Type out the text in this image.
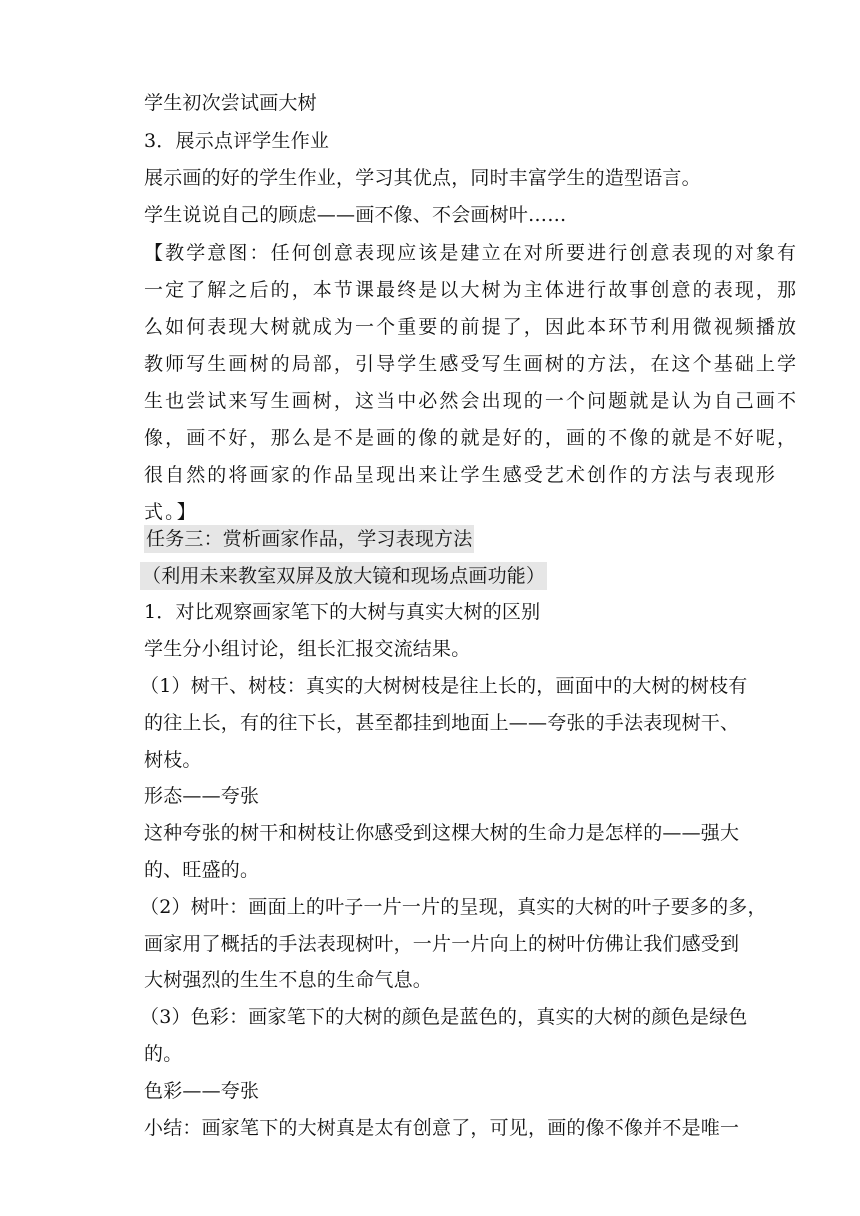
学生初次尝试画大树
3．展示点评学生作业
展示画的好的学生作业，学习其优点，同时丰富学生的造型语言。
学生说说自己的顾虑——画不像、不会画树叶……
【教学意图：任何创意表现应该是建立在对所要进行创意表现的对象有
一定了解之后的，本节课最终是以大树为主体进行故事创意的表现，那
么如何表现大树就成为一个重要的前提了，因此本环节利用微视频播放
教师写生画树的局部，引导学生感受写生画树的方法，在这个基础上学
生也尝试来写生画树，这当中必然会出现的一个问题就是认为自己画不
像，画不好，那么是不是画的像的就是好的，画的不像的就是不好呢，
很自然的将画家的作品呈现出来让学生感受艺术创作的方法与表现形
式。】
任务三：赏析画家作品，学习表现方法
（利用未来教室双屏及放大镜和现场点画功能）
1．对比观察画家笔下的大树与真实大树的区别
学生分小组讨论，组长汇报交流结果。
（1）树干、树枝：真实的大树树枝是往上长的，画面中的大树的树枝有
的往上长，有的往下长，甚至都挂到地面上——夸张的手法表现树干、
树枝。
形态——夸张
这种夸张的树干和树枝让你感受到这棵大树的生命力是怎样的——强大
的、旺盛的。
（2）树叶：画面上的叶子一片一片的呈现，真实的大树的叶子要多的多，
画家用了概括的手法表现树叶，一片一片向上的树叶仿佛让我们感受到
大树强烈的生生不息的生命气息。
（3）色彩：画家笔下的大树的颜色是蓝色的，真实的大树的颜色是绿色
的。
色彩——夸张
小结：画家笔下的大树真是太有创意了，可见，画的像不像并不是唯一
